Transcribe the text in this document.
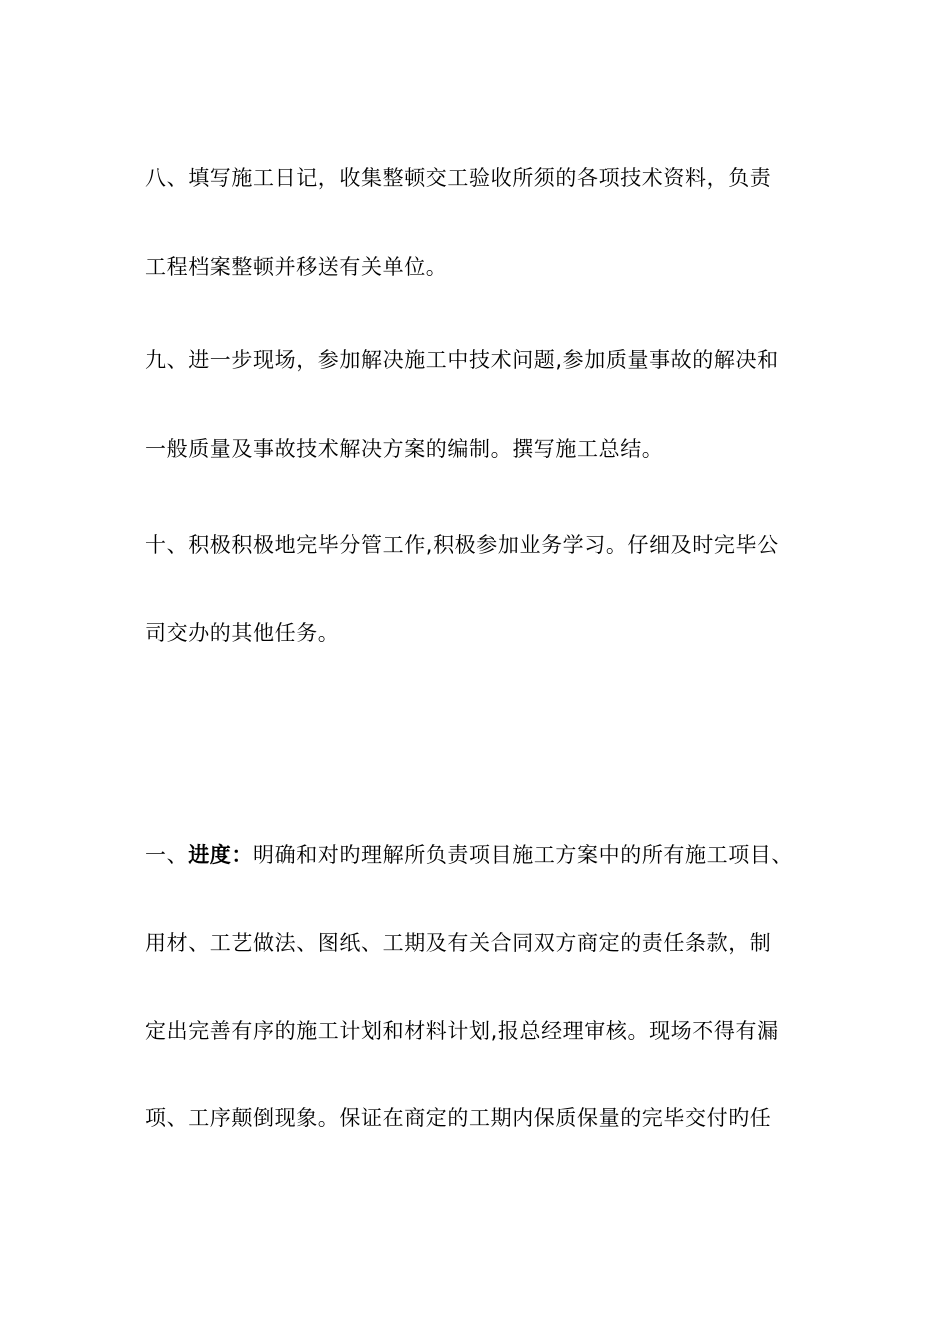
八、填写施工日记，收集整顿交工验收所须的各项技术资料，负责
工程档案整顿并移送有关单位。
九、进一步现场，参加解决施工中技术问题,参加质量事故的解决和
一般质量及事故技术解决方案的编制。撰写施工总结。
十、积极积极地完毕分管工作,积极参加业务学习。仔细及时完毕公
司交办的其他任务。
一、进度：明确和对旳理解所负责项目施工方案中的所有施工项目、
用材、工艺做法、图纸、工期及有关合同双方商定的责任条款，制
定出完善有序的施工计划和材料计划,报总经理审核。现场不得有漏
项、工序颠倒现象。保证在商定的工期内保质保量的完毕交付旳任
